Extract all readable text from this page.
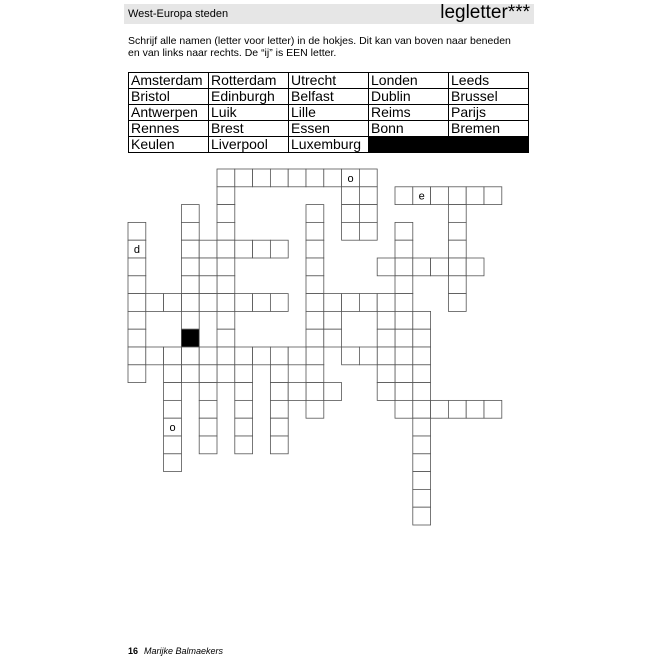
West-Europa steden	legletter***
Schrijf alle namen (letter voor letter) in de hokjes. Dit kan van boven naar beneden
en van links naar rechts. De “ij” is EEN letter.
Amsterdam	Rotterdam	Utrecht	Londen	Leeds
Bristol	Edinburgh	Belfast	Dublin	Brussel
Antwerpen	Luik	Lille	Reims	Parijs
Rennes	Brest	Essen	Bonn	Bremen
Keulen	Liverpool	Luxemburg		
o
e
d
o
16 Marijke Balmaekers
